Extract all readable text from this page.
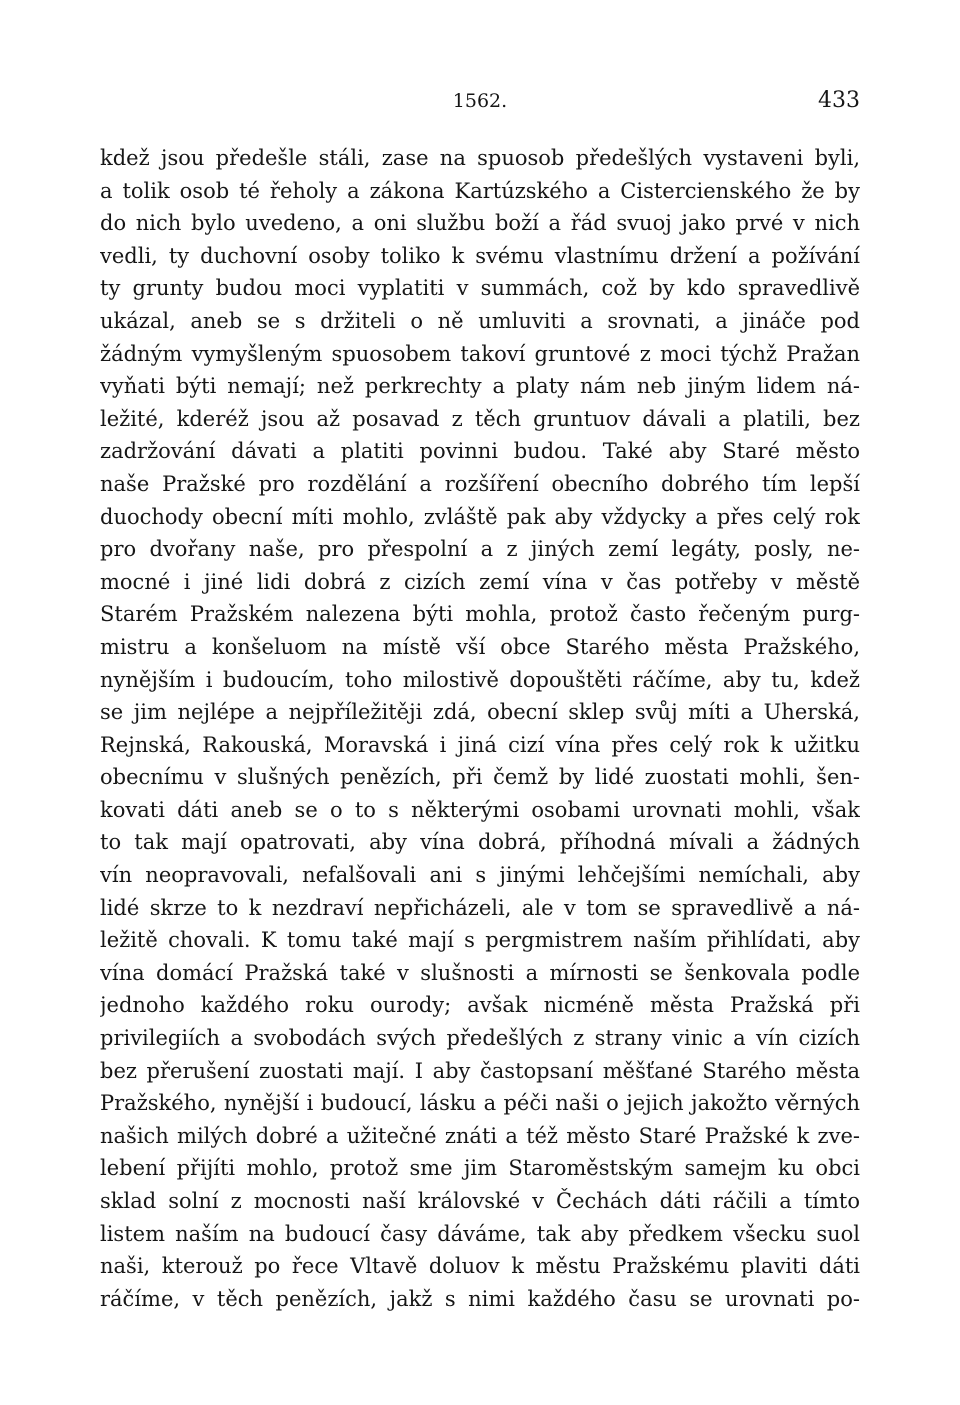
1562.	433
kdež jsou předešle stáli, zase na spuosob předešlých vystaveni byli,
a tolik osob té řeholy a zákona Kartúzského a Cistercienského že by
do nich bylo uvedeno, a oni službu boží a řád svuoj jako prvé v nich
vedli, ty duchovní osoby toliko k svému vlastnímu držení a požívání
ty grunty budou moci vyplatiti v summách, což by kdo spravedlivě
ukázal, aneb se s držiteli o ně umluviti a srovnati, a jináče pod
žádným vymyšleným spuosobem takoví gruntové z moci týchž Pražan
vyňati býti nemají; než perkrechty a platy nám neb jiným lidem ná-
ležité, kderéž jsou až posavad z těch gruntuov dávali a platili, bez
zadržování dávati a platiti povinni budou. Také aby Staré město
naše Pražské pro rozdělání a rozšíření obecního dobrého tím lepší
duochody obecní míti mohlo, zvláště pak aby vždycky a přes celý rok
pro dvořany naše, pro přespolní a z jiných zemí legáty, posly, ne-
mocné i jiné lidi dobrá z cizích zemí vína v čas potřeby v městě
Starém Pražském nalezena býti mohla, protož často řečeným purg-
mistru a konšeluom na místě vší obce Starého města Pražského,
nynějším i budoucím, toho milostivě dopouštěti ráčíme, aby tu, kdež
se jim nejlépe a nejpříležitěji zdá, obecní sklep svůj míti a Uherská,
Rejnská, Rakouská, Moravská i jiná cizí vína přes celý rok k užitku
obecnímu v slušných penězích, při čemž by lidé zuostati mohli, šen-
kovati dáti aneb se o to s některými osobami urovnati mohli, však
to tak mají opatrovati, aby vína dobrá, příhodná mívali a žádných
vín neopravovali, nefalšovali ani s jinými lehčejšími nemíchali, aby
lidé skrze to k nezdraví nepřicházeli, ale v tom se spravedlivě a ná-
ležitě chovali. K tomu také mají s pergmistrem naším přihlídati, aby
vína domácí Pražská také v slušnosti a mírnosti se šenkovala podle
jednoho každého roku ourody; avšak nicméně města Pražská při
privilegiích a svobodách svých předešlých z strany vinic a vín cizích
bez přerušení zuostati mají. I aby častopsaní měšťané Starého města
Pražského, nynější i budoucí, lásku a péči naši o jejich jakožto věrných
našich milých dobré a užitečné znáti a též město Staré Pražské k zve-
lebení přijíti mohlo, protož sme jim Staroměstským samejm ku obci
sklad solní z mocnosti naší královské v Čechách dáti ráčili a tímto
listem naším na budoucí časy dáváme, tak aby předkem všecku suol
naši, kterouž po řece Vltavě doluov k městu Pražskému plaviti dáti
ráčíme, v těch penězích, jakž s nimi každého času se urovnati po-
